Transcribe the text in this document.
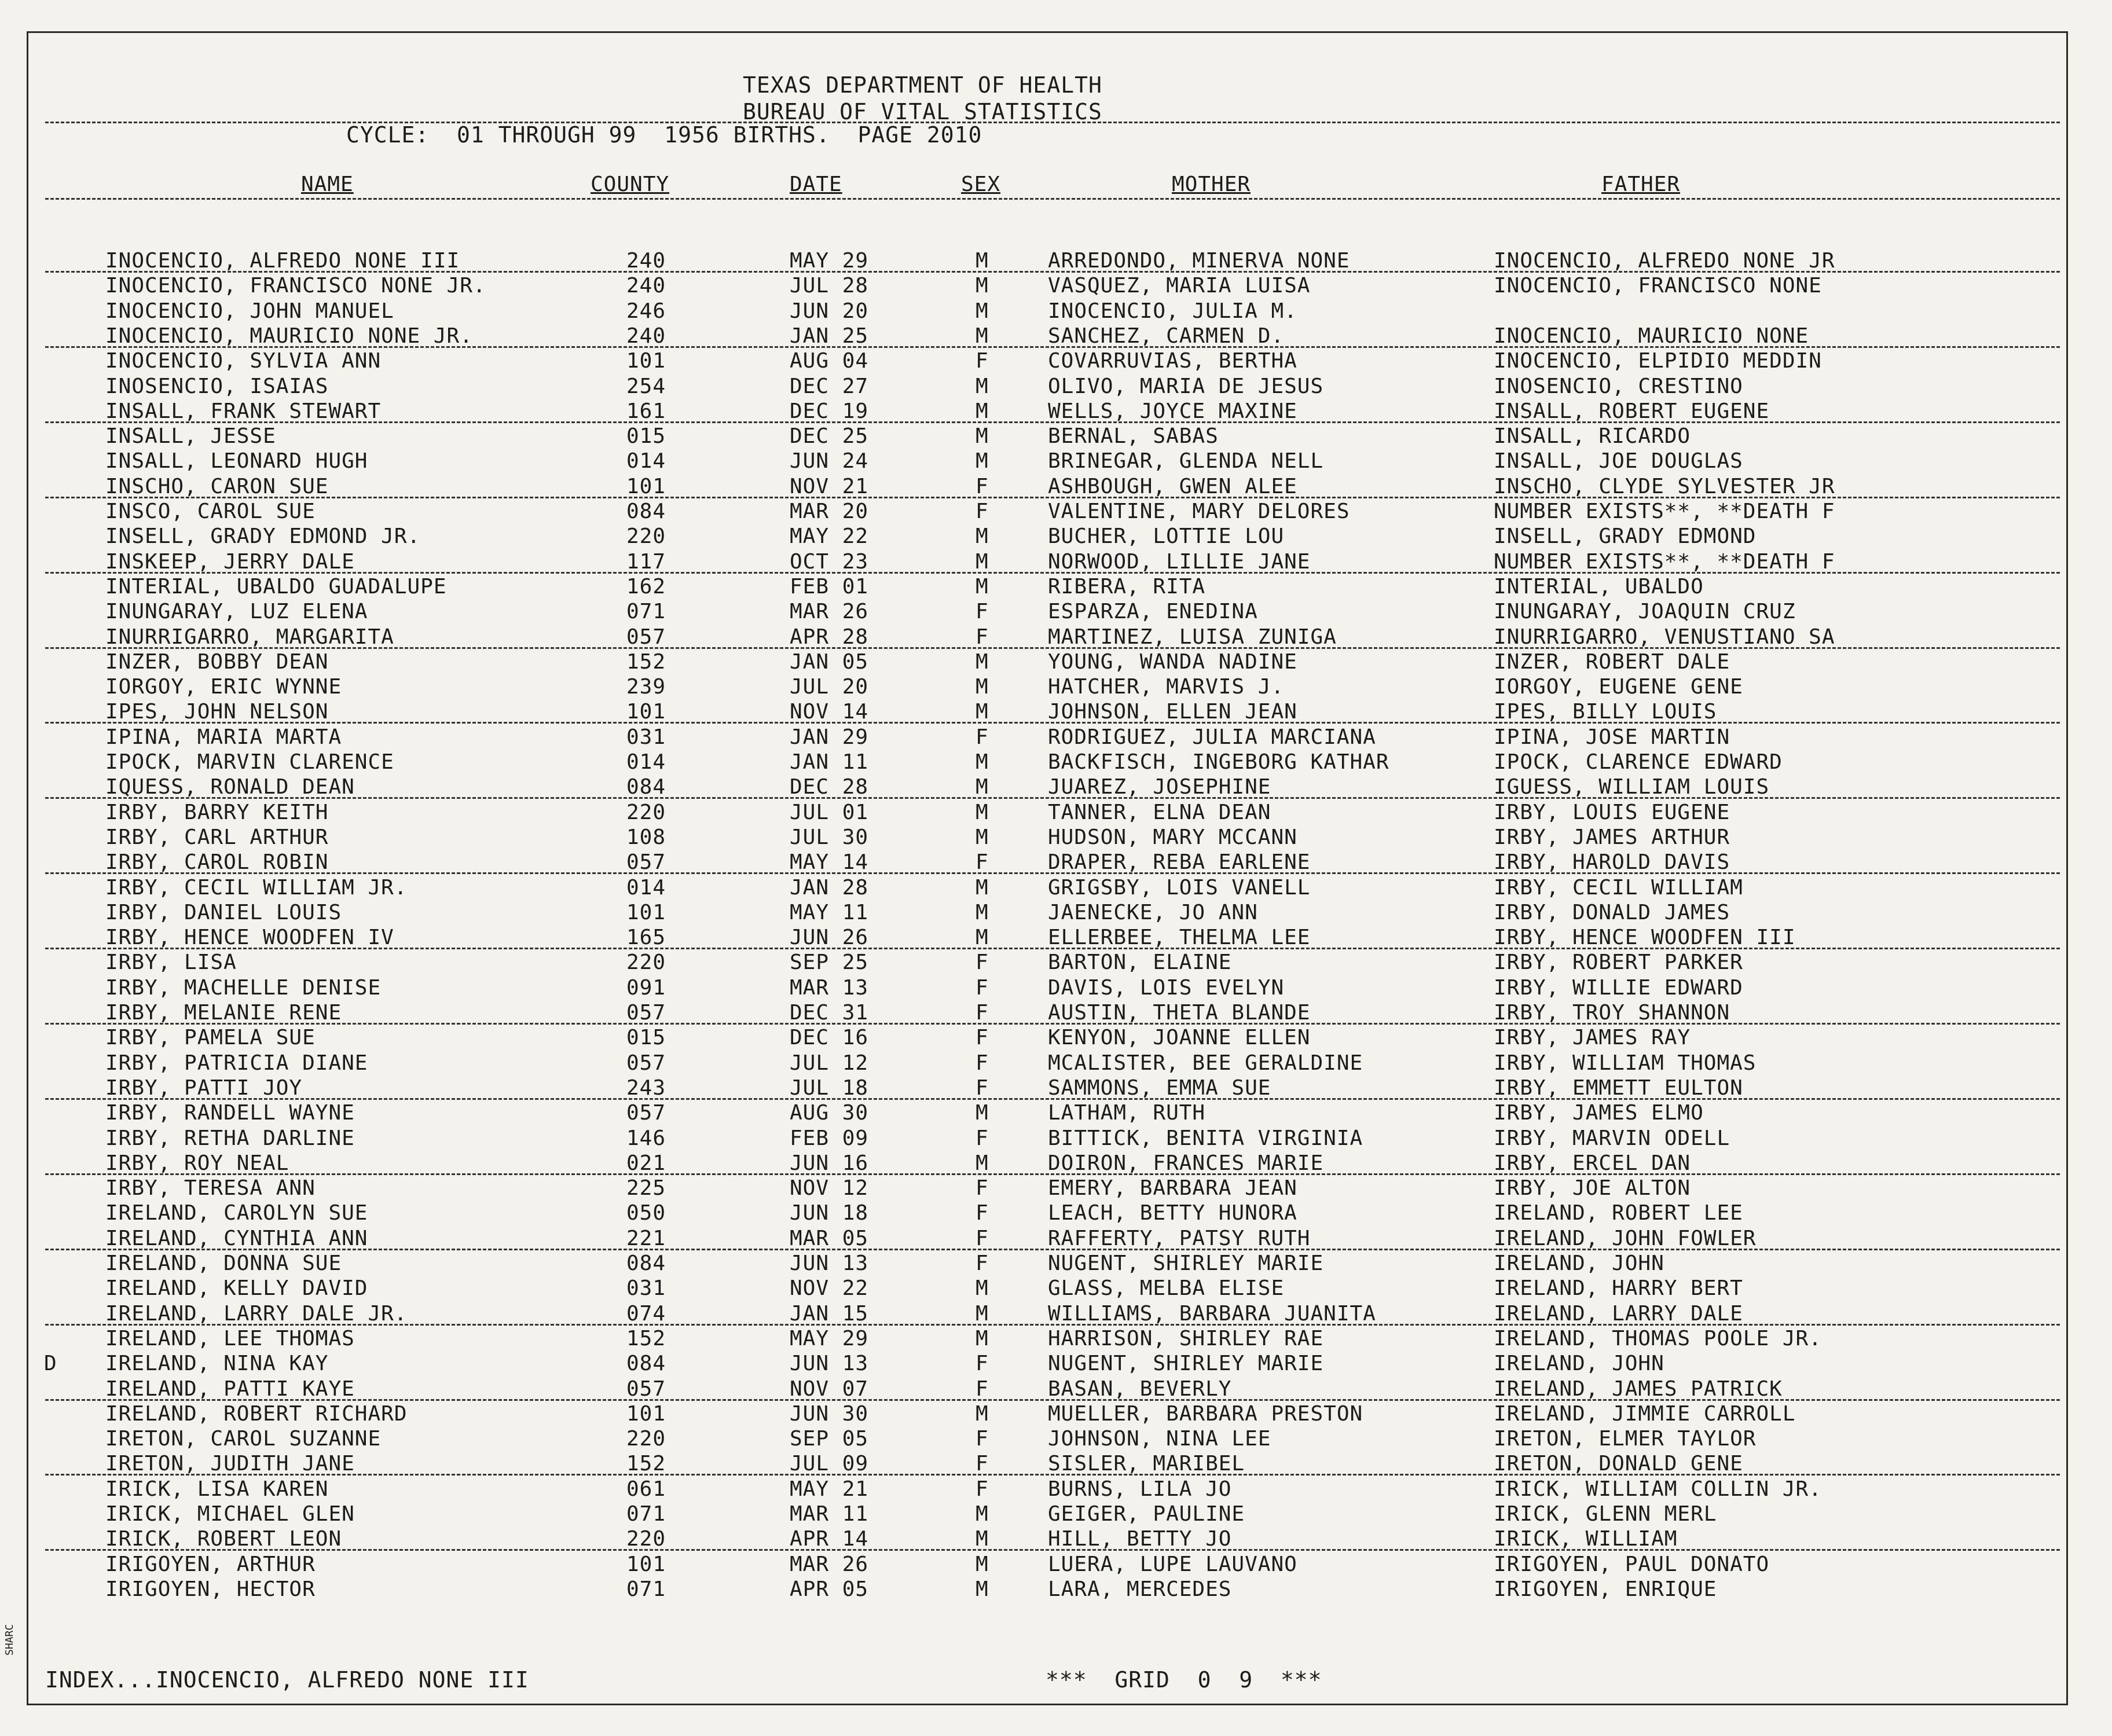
TEXAS DEPARTMENT OF HEALTH
BUREAU OF VITAL STATISTICS
CYCLE:  01 THROUGH 99  1956 BIRTHS.  PAGE 2010
NAME	COUNTY	DATE	SEX	MOTHER	FATHER
INOCENCIO, ALFREDO NONE III	240	MAY 29	M	ARREDONDO, MINERVA NONE	INOCENCIO, ALFREDO NONE JR
INOCENCIO, FRANCISCO NONE JR.	240	JUL 28	M	VASQUEZ, MARIA LUISA	INOCENCIO, FRANCISCO NONE
INOCENCIO, JOHN MANUEL	246	JUN 20	M	INOCENCIO, JULIA M.
INOCENCIO, MAURICIO NONE JR.	240	JAN 25	M	SANCHEZ, CARMEN D.	INOCENCIO, MAURICIO NONE
INOCENCIO, SYLVIA ANN	101	AUG 04	F	COVARRUVIAS, BERTHA	INOCENCIO, ELPIDIO MEDDIN
INOSENCIO, ISAIAS	254	DEC 27	M	OLIVO, MARIA DE JESUS	INOSENCIO, CRESTINO
INSALL, FRANK STEWART	161	DEC 19	M	WELLS, JOYCE MAXINE	INSALL, ROBERT EUGENE
INSALL, JESSE	015	DEC 25	M	BERNAL, SABAS	INSALL, RICARDO
INSALL, LEONARD HUGH	014	JUN 24	M	BRINEGAR, GLENDA NELL	INSALL, JOE DOUGLAS
INSCHO, CARON SUE	101	NOV 21	F	ASHBOUGH, GWEN ALEE	INSCHO, CLYDE SYLVESTER JR
INSCO, CAROL SUE	084	MAR 20	F	VALENTINE, MARY DELORES	NUMBER EXISTS**, **DEATH F
INSELL, GRADY EDMOND JR.	220	MAY 22	M	BUCHER, LOTTIE LOU	INSELL, GRADY EDMOND
INSKEEP, JERRY DALE	117	OCT 23	M	NORWOOD, LILLIE JANE	NUMBER EXISTS**, **DEATH F
INTERIAL, UBALDO GUADALUPE	162	FEB 01	M	RIBERA, RITA	INTERIAL, UBALDO
INUNGARAY, LUZ ELENA	071	MAR 26	F	ESPARZA, ENEDINA	INUNGARAY, JOAQUIN CRUZ
INURRIGARRO, MARGARITA	057	APR 28	F	MARTINEZ, LUISA ZUNIGA	INURRIGARRO, VENUSTIANO SA
INZER, BOBBY DEAN	152	JAN 05	M	YOUNG, WANDA NADINE	INZER, ROBERT DALE
IORGOY, ERIC WYNNE	239	JUL 20	M	HATCHER, MARVIS J.	IORGOY, EUGENE GENE
IPES, JOHN NELSON	101	NOV 14	M	JOHNSON, ELLEN JEAN	IPES, BILLY LOUIS
IPINA, MARIA MARTA	031	JAN 29	F	RODRIGUEZ, JULIA MARCIANA	IPINA, JOSE MARTIN
IPOCK, MARVIN CLARENCE	014	JAN 11	M	BACKFISCH, INGEBORG KATHAR	IPOCK, CLARENCE EDWARD
IQUESS, RONALD DEAN	084	DEC 28	M	JUAREZ, JOSEPHINE	IGUESS, WILLIAM LOUIS
IRBY, BARRY KEITH	220	JUL 01	M	TANNER, ELNA DEAN	IRBY, LOUIS EUGENE
IRBY, CARL ARTHUR	108	JUL 30	M	HUDSON, MARY MCCANN	IRBY, JAMES ARTHUR
IRBY, CAROL ROBIN	057	MAY 14	F	DRAPER, REBA EARLENE	IRBY, HAROLD DAVIS
IRBY, CECIL WILLIAM JR.	014	JAN 28	M	GRIGSBY, LOIS VANELL	IRBY, CECIL WILLIAM
IRBY, DANIEL LOUIS	101	MAY 11	M	JAENECKE, JO ANN	IRBY, DONALD JAMES
IRBY, HENCE WOODFEN IV	165	JUN 26	M	ELLERBEE, THELMA LEE	IRBY, HENCE WOODFEN III
IRBY, LISA	220	SEP 25	F	BARTON, ELAINE	IRBY, ROBERT PARKER
IRBY, MACHELLE DENISE	091	MAR 13	F	DAVIS, LOIS EVELYN	IRBY, WILLIE EDWARD
IRBY, MELANIE RENE	057	DEC 31	F	AUSTIN, THETA BLANDE	IRBY, TROY SHANNON
IRBY, PAMELA SUE	015	DEC 16	F	KENYON, JOANNE ELLEN	IRBY, JAMES RAY
IRBY, PATRICIA DIANE	057	JUL 12	F	MCALISTER, BEE GERALDINE	IRBY, WILLIAM THOMAS
IRBY, PATTI JOY	243	JUL 18	F	SAMMONS, EMMA SUE	IRBY, EMMETT EULTON
IRBY, RANDELL WAYNE	057	AUG 30	M	LATHAM, RUTH	IRBY, JAMES ELMO
IRBY, RETHA DARLINE	146	FEB 09	F	BITTICK, BENITA VIRGINIA	IRBY, MARVIN ODELL
IRBY, ROY NEAL	021	JUN 16	M	DOIRON, FRANCES MARIE	IRBY, ERCEL DAN
IRBY, TERESA ANN	225	NOV 12	F	EMERY, BARBARA JEAN	IRBY, JOE ALTON
IRELAND, CAROLYN SUE	050	JUN 18	F	LEACH, BETTY HUNORA	IRELAND, ROBERT LEE
IRELAND, CYNTHIA ANN	221	MAR 05	F	RAFFERTY, PATSY RUTH	IRELAND, JOHN FOWLER
IRELAND, DONNA SUE	084	JUN 13	F	NUGENT, SHIRLEY MARIE	IRELAND, JOHN
IRELAND, KELLY DAVID	031	NOV 22	M	GLASS, MELBA ELISE	IRELAND, HARRY BERT
IRELAND, LARRY DALE JR.	074	JAN 15	M	WILLIAMS, BARBARA JUANITA	IRELAND, LARRY DALE
IRELAND, LEE THOMAS	152	MAY 29	M	HARRISON, SHIRLEY RAE	IRELAND, THOMAS POOLE JR.
D IRELAND, NINA KAY	084	JUN 13	F	NUGENT, SHIRLEY MARIE	IRELAND, JOHN
IRELAND, PATTI KAYE	057	NOV 07	F	BASAN, BEVERLY	IRELAND, JAMES PATRICK
IRELAND, ROBERT RICHARD	101	JUN 30	M	MUELLER, BARBARA PRESTON	IRELAND, JIMMIE CARROLL
IRETON, CAROL SUZANNE	220	SEP 05	F	JOHNSON, NINA LEE	IRETON, ELMER TAYLOR
IRETON, JUDITH JANE	152	JUL 09	F	SISLER, MARIBEL	IRETON, DONALD GENE
IRICK, LISA KAREN	061	MAY 21	F	BURNS, LILA JO	IRICK, WILLIAM COLLIN JR.
IRICK, MICHAEL GLEN	071	MAR 11	M	GEIGER, PAULINE	IRICK, GLENN MERL
IRICK, ROBERT LEON	220	APR 14	M	HILL, BETTY JO	IRICK, WILLIAM
IRIGOYEN, ARTHUR	101	MAR 26	M	LUERA, LUPE LAUVANO	IRIGOYEN, PAUL DONATO
IRIGOYEN, HECTOR	071	APR 05	M	LARA, MERCEDES	IRIGOYEN, ENRIQUE
INDEX...INOCENCIO, ALFREDO NONE III	***  GRID  0  9  ***
SHARC
